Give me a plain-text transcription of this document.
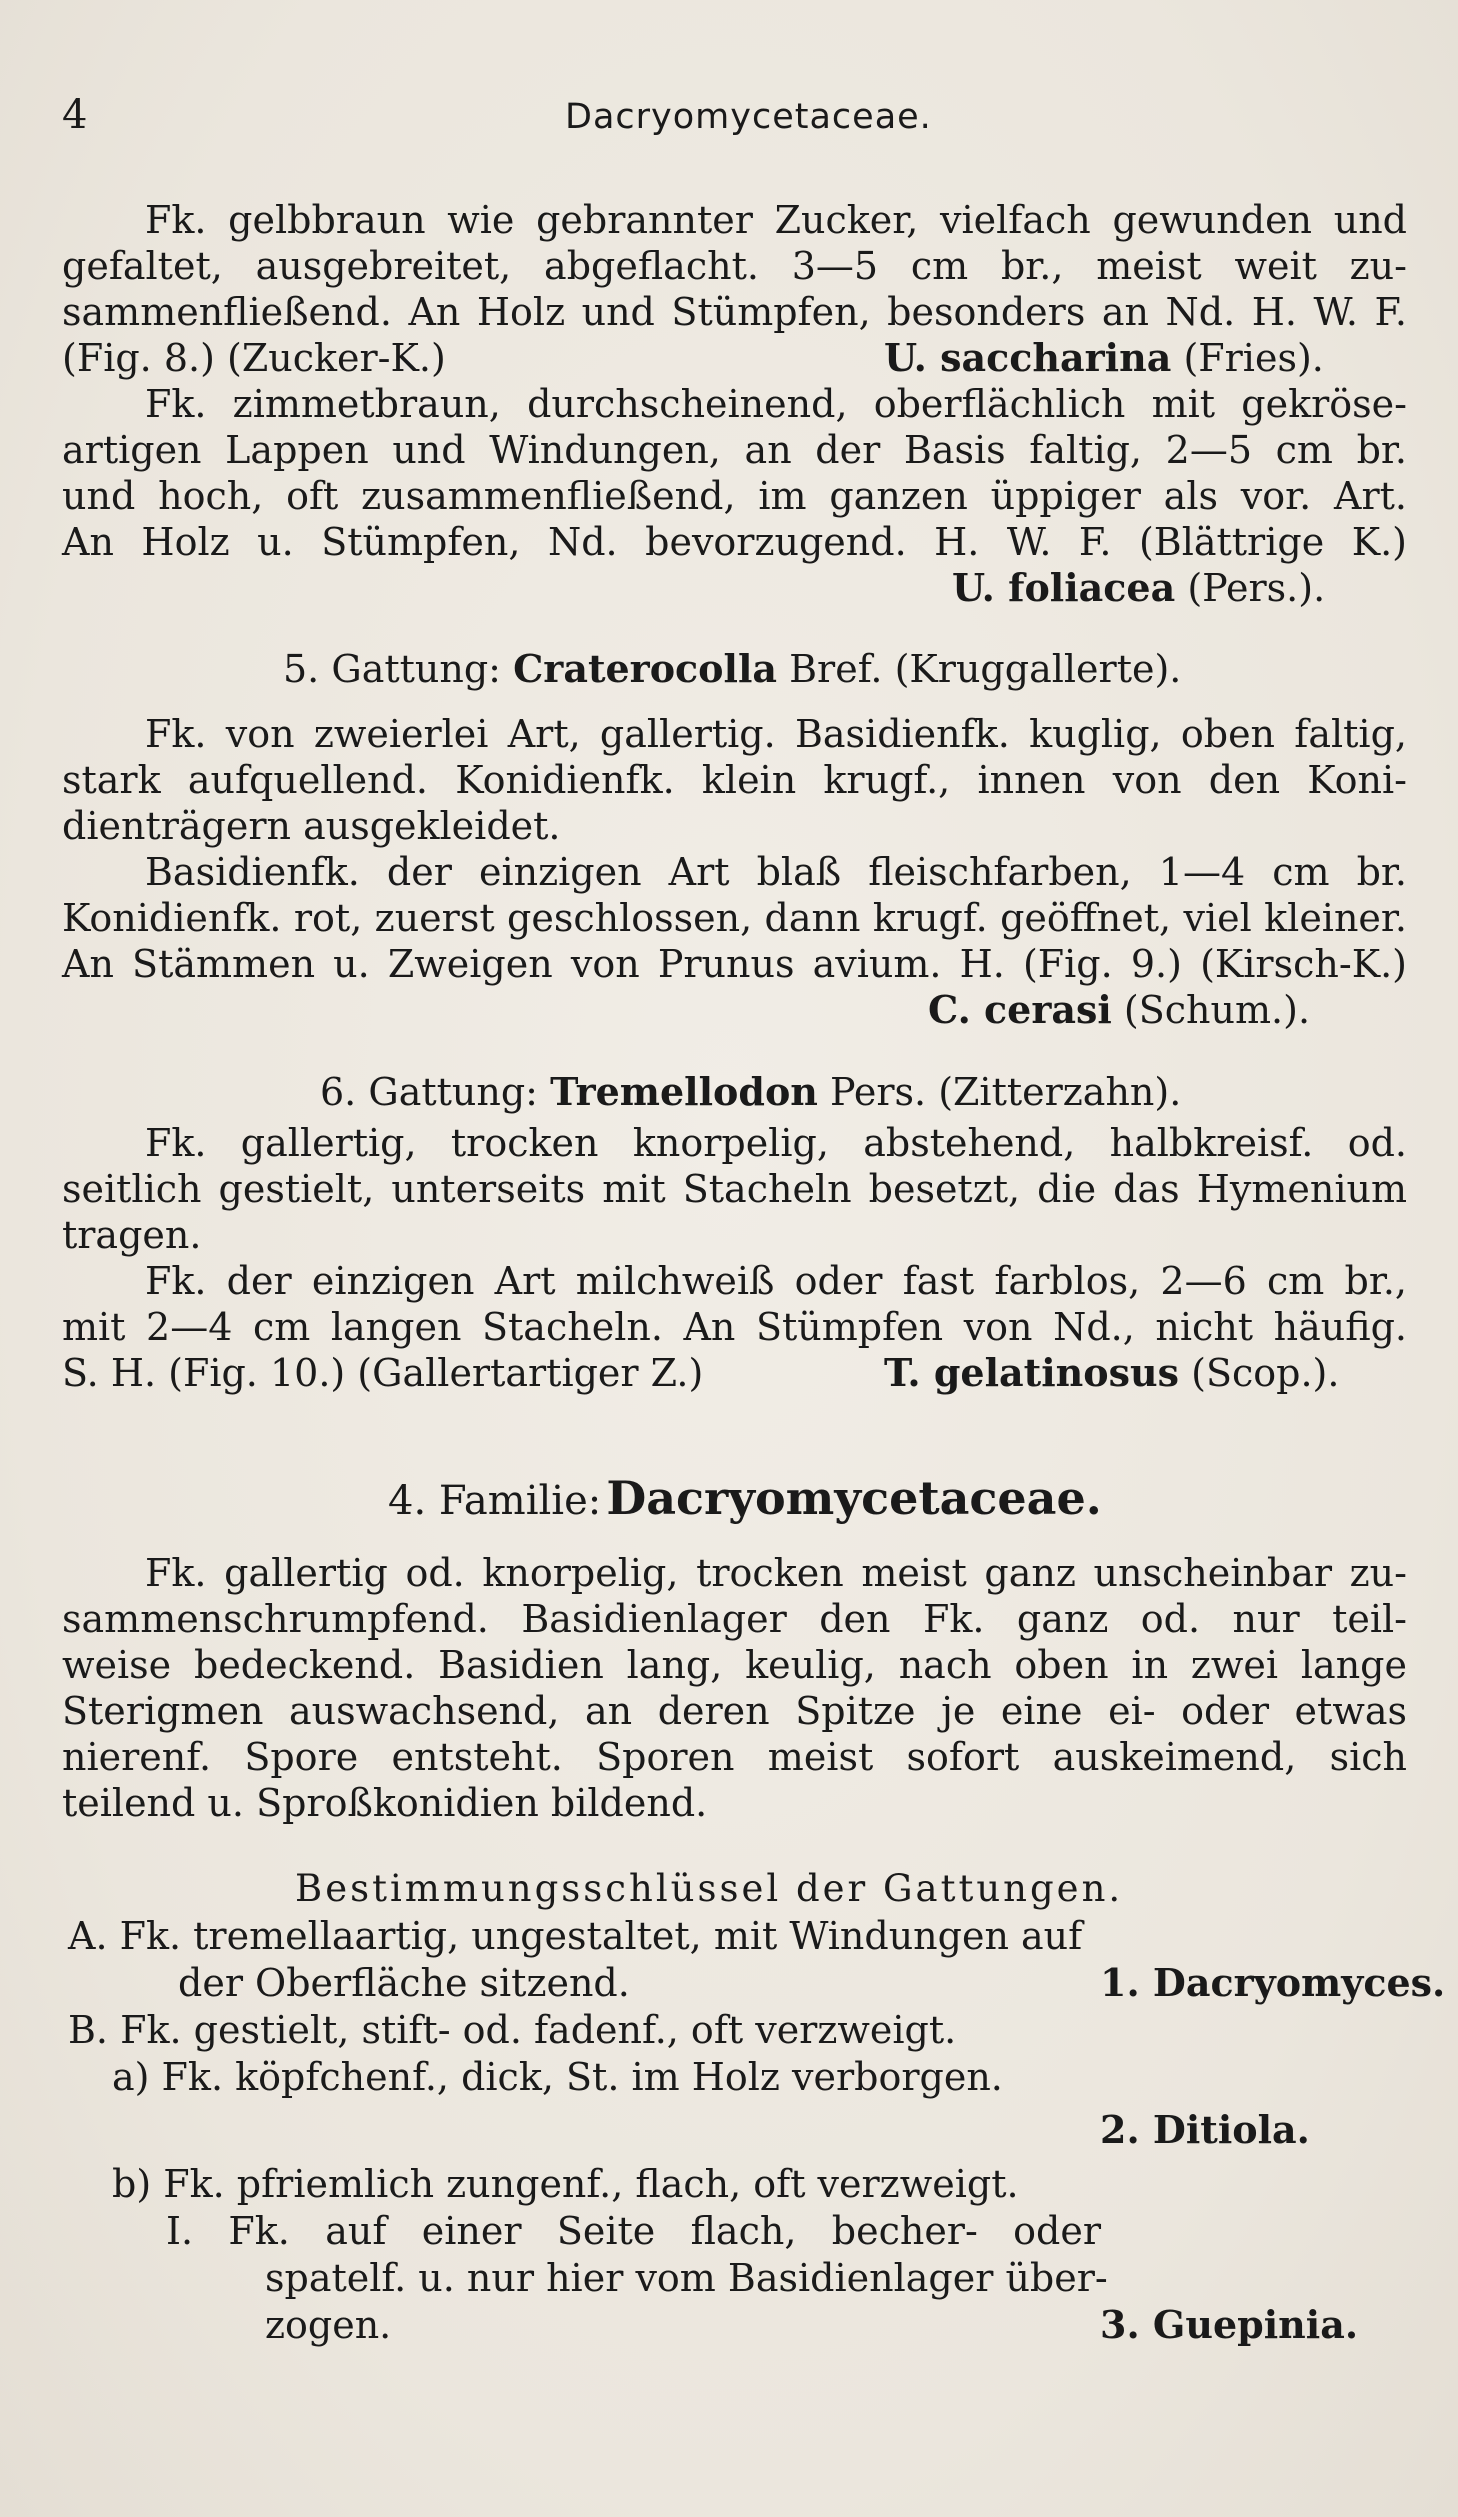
4	Dacryomycetaceae.
Fk. gelbbraun wie gebrannter Zucker, vielfach gewunden und
gefaltet, ausgebreitet, abgeflacht. 3—5 cm br., meist weit zu-
sammenfließend. An Holz und Stümpfen, besonders an Nd. H. W. F.
(Fig. 8.) (Zucker-K.)	U. saccharina (Fries).
Fk. zimmetbraun, durchscheinend, oberflächlich mit gekröse-
artigen Lappen und Windungen, an der Basis faltig, 2—5 cm br.
und hoch, oft zusammenfließend, im ganzen üppiger als vor. Art.
An Holz u. Stümpfen, Nd. bevorzugend. H. W. F. (Blättrige K.)
U. foliacea (Pers.).
5. Gattung: Craterocolla Bref. (Kruggallerte).
Fk. von zweierlei Art, gallertig. Basidienfk. kuglig, oben faltig,
stark aufquellend. Konidienfk. klein krugf., innen von den Koni-
dienträgern ausgekleidet.
Basidienfk. der einzigen Art blaß fleischfarben, 1—4 cm br.
Konidienfk. rot, zuerst geschlossen, dann krugf. geöffnet, viel kleiner.
An Stämmen u. Zweigen von Prunus avium. H. (Fig. 9.) (Kirsch-K.)
C. cerasi (Schum.).
6. Gattung: Tremellodon Pers. (Zitterzahn).
Fk. gallertig, trocken knorpelig, abstehend, halbkreisf. od.
seitlich gestielt, unterseits mit Stacheln besetzt, die das Hymenium
tragen.
Fk. der einzigen Art milchweiß oder fast farblos, 2—6 cm br.,
mit 2—4 cm langen Stacheln. An Stümpfen von Nd., nicht häufig.
S. H. (Fig. 10.) (Gallertartiger Z.)	T. gelatinosus (Scop.).
4. Familie: Dacryomycetaceae.
Fk. gallertig od. knorpelig, trocken meist ganz unscheinbar zu-
sammenschrumpfend. Basidienlager den Fk. ganz od. nur teil-
weise bedeckend. Basidien lang, keulig, nach oben in zwei lange
Sterigmen auswachsend, an deren Spitze je eine ei- oder etwas
nierenf. Spore entsteht. Sporen meist sofort auskeimend, sich
teilend u. Sproßkonidien bildend.
Bestimmungsschlüssel der Gattungen.
A. Fk. tremellaartig, ungestaltet, mit Windungen auf
der Oberfläche sitzend.	1. Dacryomyces.
B. Fk. gestielt, stift- od. fadenf., oft verzweigt.
a) Fk. köpfchenf., dick, St. im Holz verborgen.
2. Ditiola.
b) Fk. pfriemlich zungenf., flach, oft verzweigt.
I. Fk. auf einer Seite flach, becher- oder
spatelf. u. nur hier vom Basidienlager über-
zogen.	3. Guepinia.
